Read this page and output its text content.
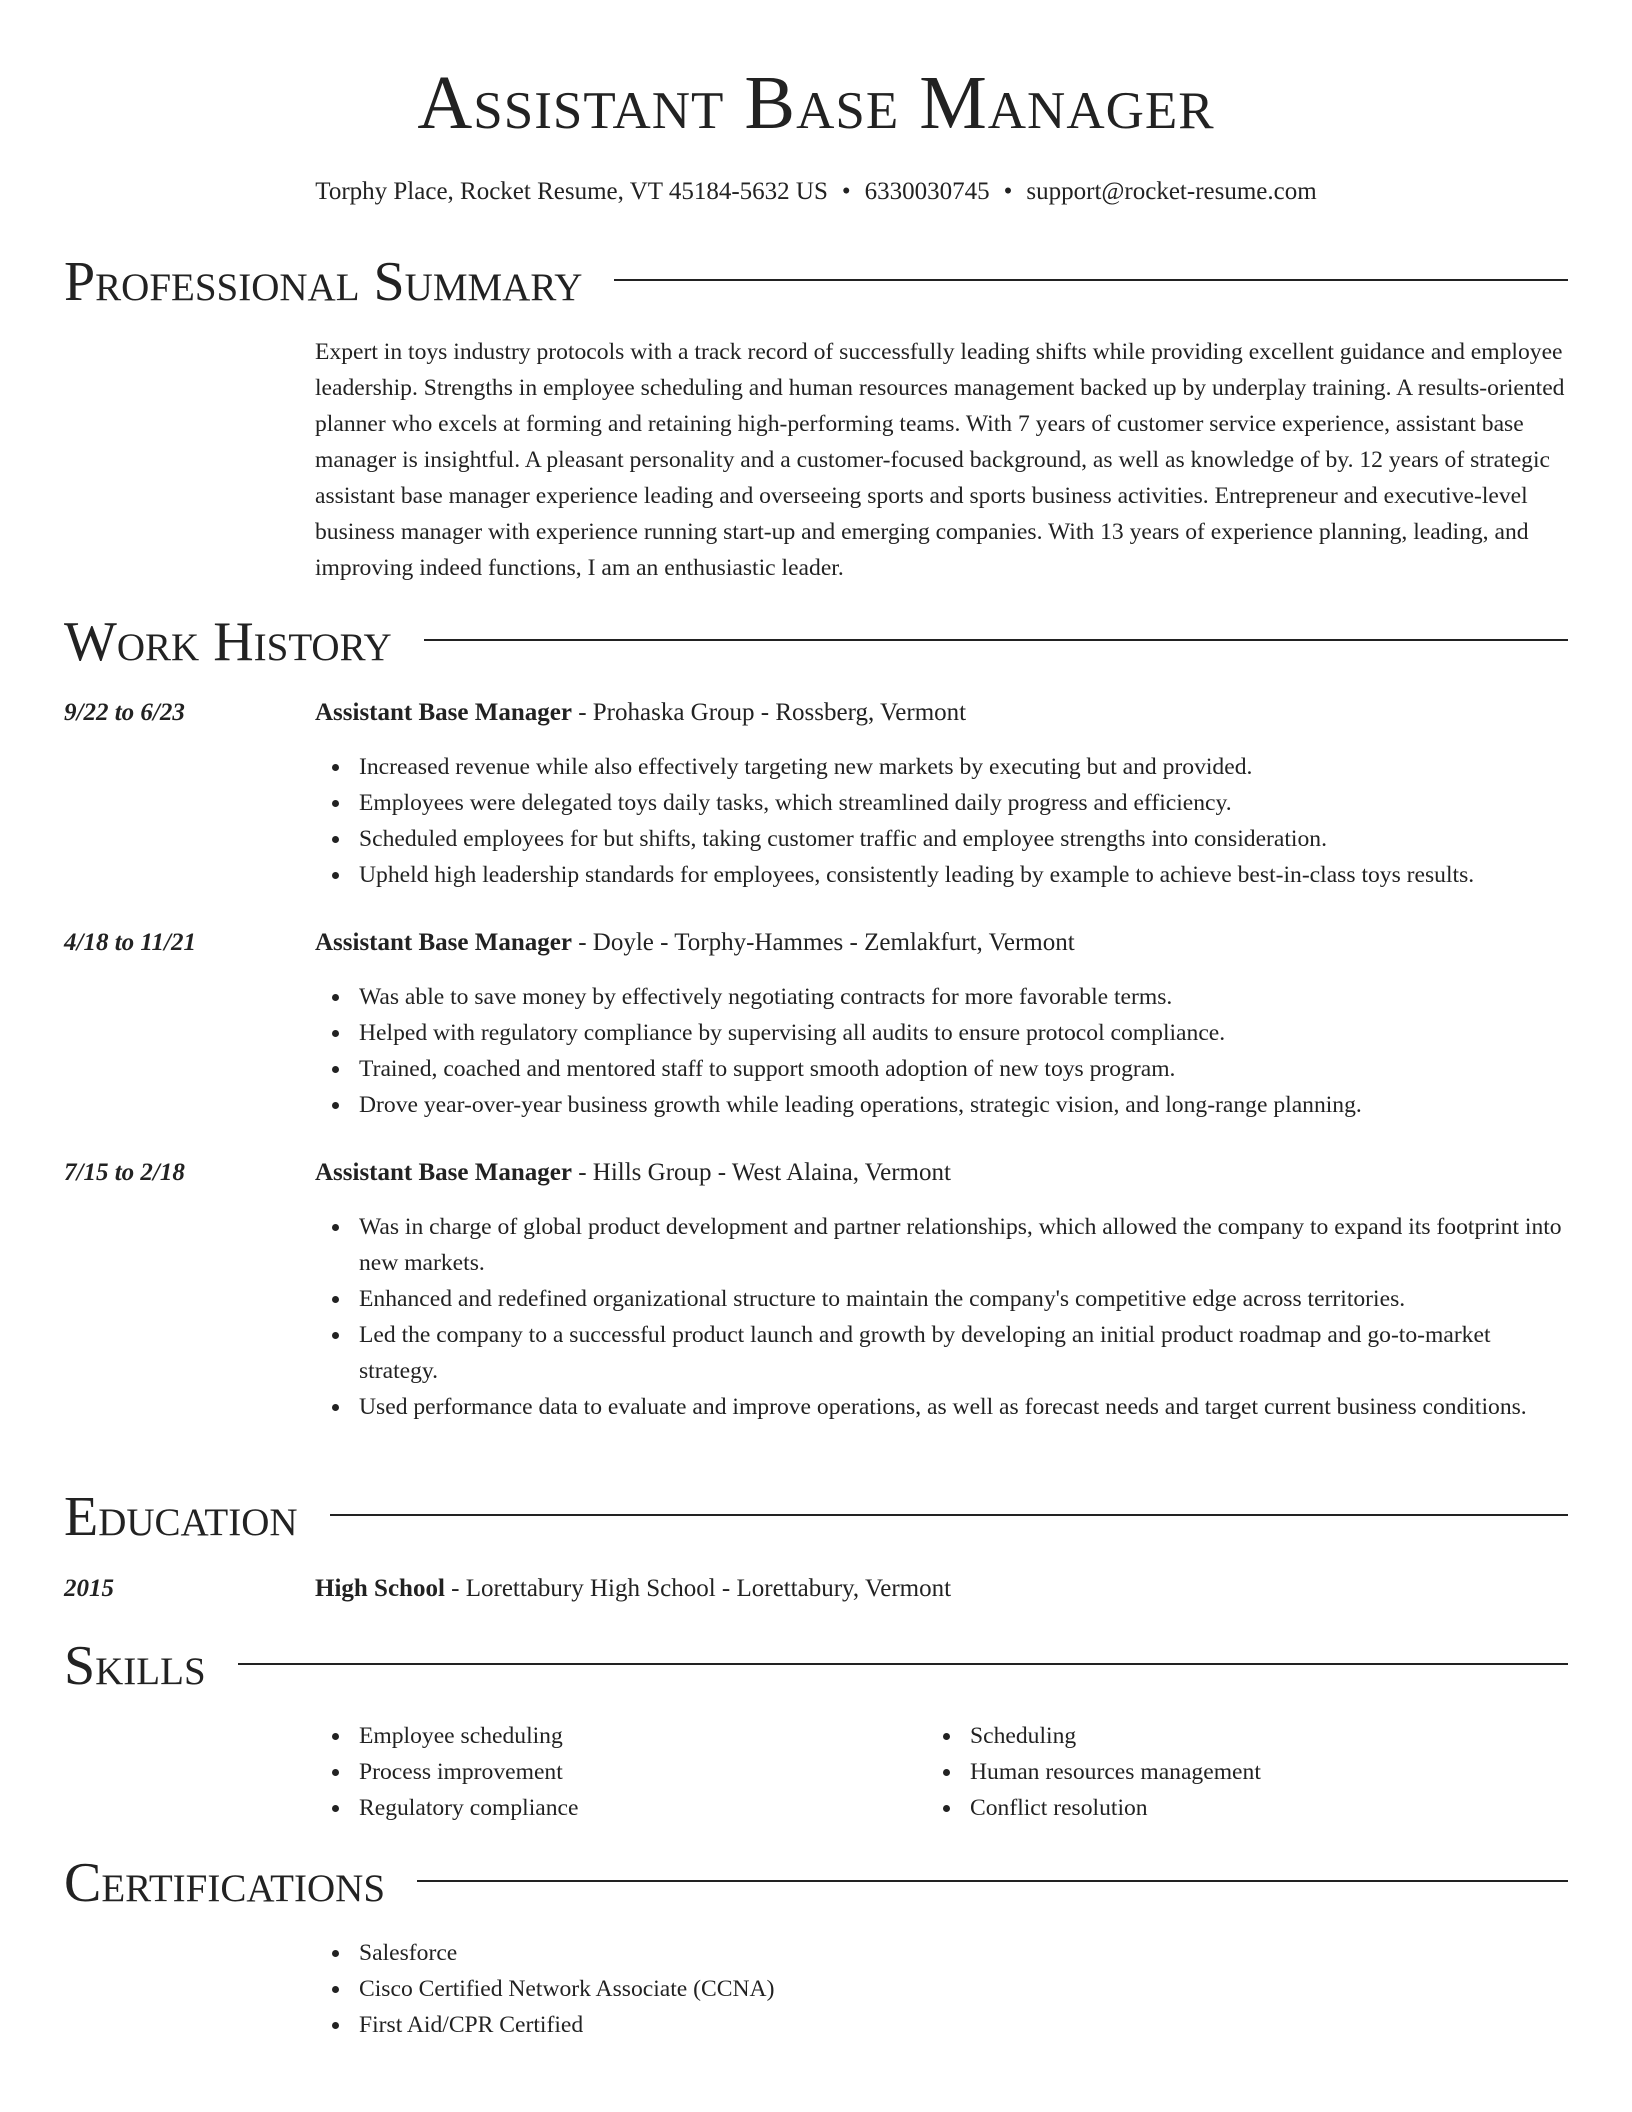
Assistant Base Manager
Torphy Place, Rocket Resume, VT 45184-5632 US • 6330030745 • support@rocket-resume.com
Professional Summary

Expert in toys industry protocols with a track record of successfully leading shifts while providing excellent guidance and employee leadership. Strengths in employee scheduling and human resources management backed up by underplay training. A results-oriented planner who excels at forming and retaining high-performing teams. With 7 years of customer service experience, assistant base manager is insightful. A pleasant personality and a customer-focused background, as well as knowledge of by. 12 years of strategic assistant base manager experience leading and overseeing sports and sports business activities. Entrepreneur and executive-level business manager with experience running start-up and emerging companies. With 13 years of experience planning, leading, and improving indeed functions, I am an enthusiastic leader.

Work History
9/22 to 6/23	Assistant Base Manager - Prohaska Group - Rossberg, Vermont
Increased revenue while also effectively targeting new markets by executing but and provided.
Employees were delegated toys daily tasks, which streamlined daily progress and efficiency.
Scheduled employees for but shifts, taking customer traffic and employee strengths into consideration.
Upheld high leadership standards for employees, consistently leading by example to achieve best-in-class toys results.
4/18 to 11/21	Assistant Base Manager - Doyle - Torphy-Hammes - Zemlakfurt, Vermont
Was able to save money by effectively negotiating contracts for more favorable terms.
Helped with regulatory compliance by supervising all audits to ensure protocol compliance.
Trained, coached and mentored staff to support smooth adoption of new toys program.
Drove year-over-year business growth while leading operations, strategic vision, and long-range planning.
7/15 to 2/18	Assistant Base Manager - Hills Group - West Alaina, Vermont
Was in charge of global product development and partner relationships, which allowed the company to expand its footprint into new markets.
Enhanced and redefined organizational structure to maintain the company's competitive edge across territories.
Led the company to a successful product launch and growth by developing an initial product roadmap and go-to-market strategy.
Used performance data to evaluate and improve operations, as well as forecast needs and target current business conditions.
Education
2015	High School - Lorettabury High School - Lorettabury, Vermont
Skills
Employee scheduling
Process improvement
Regulatory compliance
Scheduling
Human resources management
Conflict resolution
Certifications
Salesforce
Cisco Certified Network Associate (CCNA)
First Aid/CPR Certified
